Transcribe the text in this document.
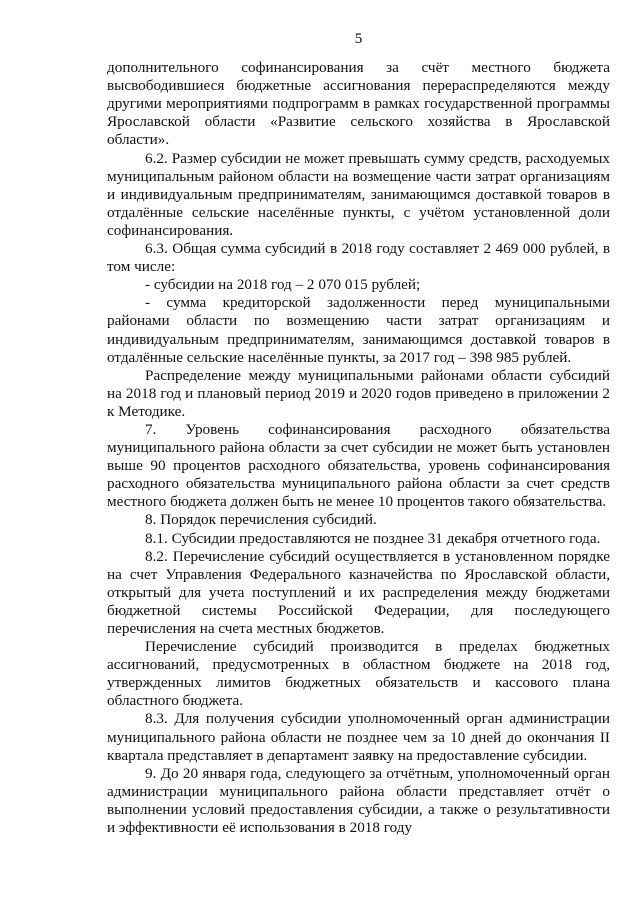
5

дополнительного софинансирования за счёт местного бюджета высвободившиеся бюджетные ассигнования перераспределяются между другими мероприятиями подпрограмм в рамках государственной программы Ярославской области «Развитие сельского хозяйства в Ярославской области».

6.2. Размер субсидии не может превышать сумму средств, расходуемых муниципальным районом области на возмещение части затрат организациям и индивидуальным предпринимателям, занимающимся доставкой товаров в отдалённые сельские населённые пункты, с учётом установленной доли софинансирования.

6.3. Общая сумма субсидий в 2018 году составляет 2 469 000 рублей, в том числе:

- субсидии на 2018 год – 2 070 015 рублей;

- сумма кредиторской задолженности перед муниципальными районами области по возмещению части затрат организациям и индивидуальным предпринимателям, занимающимся доставкой товаров в отдалённые сельские населённые пункты, за 2017 год – 398 985 рублей.

Распределение между муниципальными районами области субсидий на 2018 год и плановый период 2019 и 2020 годов приведено в приложении 2 к Методике.

7. Уровень софинансирования расходного обязательства муниципального района области за счет субсидии не может быть установлен выше 90 процентов расходного обязательства, уровень софинансирования расходного обязательства муниципального района области за счет средств местного бюджета должен быть не менее 10 процентов такого обязательства.

8. Порядок перечисления субсидий.

8.1. Субсидии предоставляются не позднее 31 декабря отчетного года.

8.2. Перечисление субсидий осуществляется в установленном порядке на счет Управления Федерального казначейства по Ярославской области, открытый для учета поступлений и их распределения между бюджетами бюджетной системы Российской Федерации, для последующего перечисления на счета местных бюджетов.

Перечисление субсидий производится в пределах бюджетных ассигнований, предусмотренных в областном бюджете на 2018 год, утвержденных лимитов бюджетных обязательств и кассового плана областного бюджета.

8.3. Для получения субсидии уполномоченный орган администрации муниципального района области не позднее чем за 10 дней до окончания II квартала представляет в департамент заявку на предоставление субсидии.

9. До 20 января года, следующего за отчётным, уполномоченный орган администрации муниципального района области представляет отчёт о выполнении условий предоставления субсидии, а также о результативности и эффективности её использования в 2018 году
